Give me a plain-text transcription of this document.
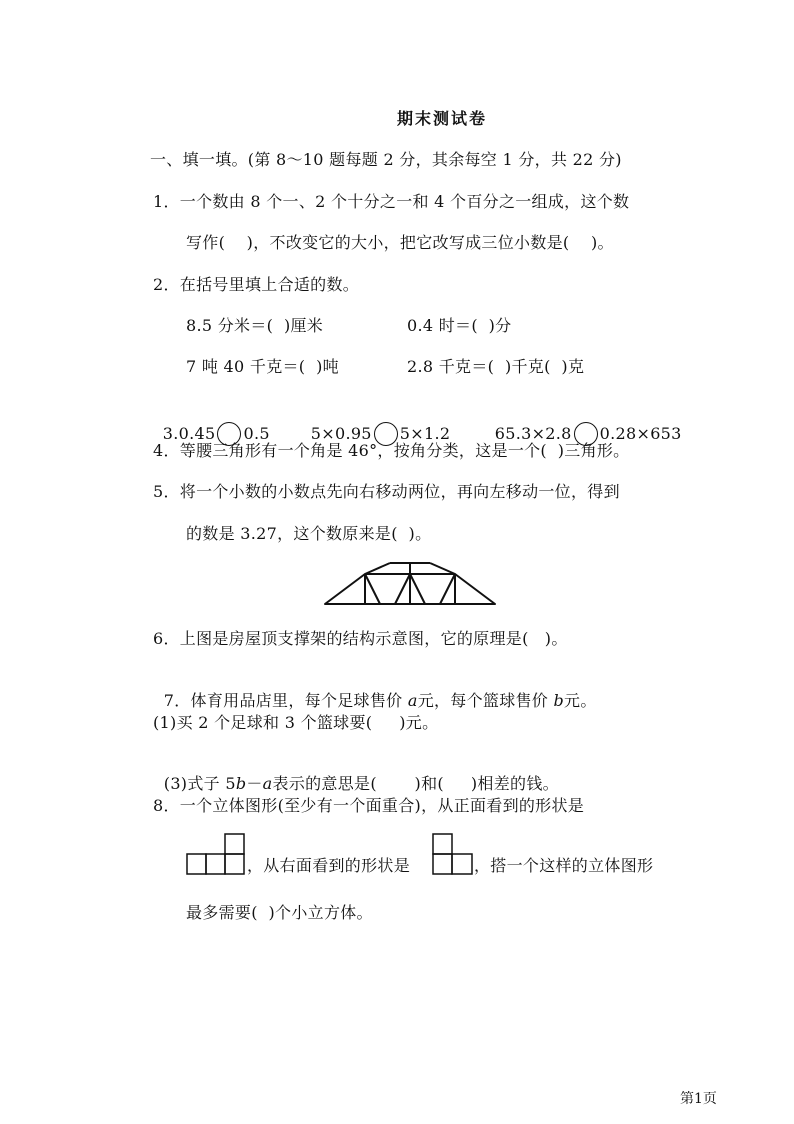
期末测试卷
一、填一填。(第 8～10 题每题 2 分，其余每空 1 分，共 22 分)
1．一个数由 8 个一、2 个十分之一和 4 个百分之一组成，这个数
写作(    )，不改变它的大小，把它改写成三位小数是(    )。
2．在括号里填上合适的数。
8.5 分米＝(  )厘米	0.4 时＝(  )分
7 吨 40 千克＝(  )吨	2.8 千克＝(  )千克(  )克

3.0.45 0.5	5×0.95 5×1.2	65.3×2.8 0.28×653

4．等腰三角形有一个角是 46°，按角分类，这是一个(  )三角形。
5．将一个小数的小数点先向右移动两位，再向左移动一位，得到
的数是 3.27，这个数原来是(  )。
6．上图是房屋顶支撑架的结构示意图，它的原理是(   )。

7．体育用品店里，每个足球售价 a元，每个篮球售价 b元。

(1)买 2 个足球和 3 个篮球要(     )元。

(3)式子 5b－a表示的意思是(       )和(     )相差的钱。

8．一个立体图形(至少有一个面重合)，从正面看到的形状是
，从右面看到的形状是	，搭一个这样的立体图形
最多需要(  )个小立方体。
第1页
